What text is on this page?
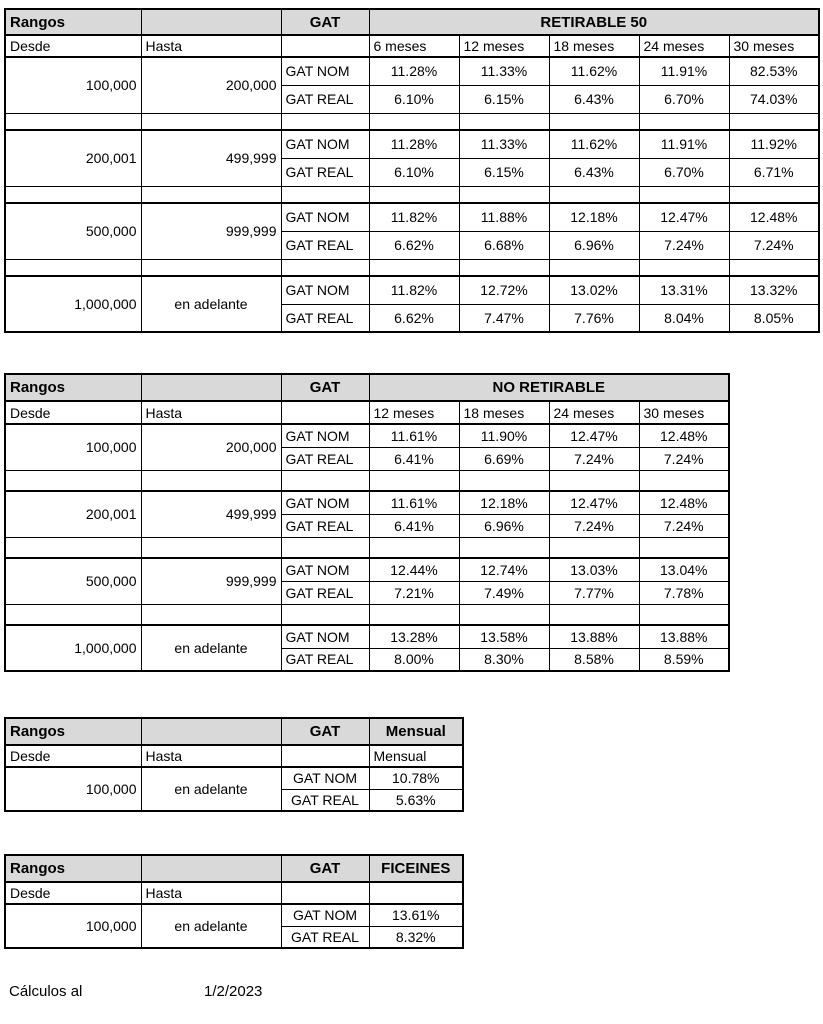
Rangos		GAT	RETIRABLE 50				
Desde	Hasta		6 meses	12 meses	18 meses	24 meses	30 meses
100,000	200,000	GAT NOM	11.28%	11.33%	11.62%	11.91%	82.53%
		GAT REAL	6.10%	6.15%	6.43%	6.70%	74.03%

200,001	499,999	GAT NOM	11.28%	11.33%	11.62%	11.91%	11.92%
		GAT REAL	6.10%	6.15%	6.43%	6.70%	6.71%

500,000	999,999	GAT NOM	11.82%	11.88%	12.18%	12.47%	12.48%
		GAT REAL	6.62%	6.68%	6.96%	7.24%	7.24%

1,000,000	en adelante	GAT NOM	11.82%	12.72%	13.02%	13.31%	13.32%
		GAT REAL	6.62%	7.47%	7.76%	8.04%	8.05%
Rangos		GAT	NO RETIRABLE			
Desde	Hasta		12 meses	18 meses	24 meses	30 meses
100,000	200,000	GAT NOM	11.61%	11.90%	12.47%	12.48%
		GAT REAL	6.41%	6.69%	7.24%	7.24%

200,001	499,999	GAT NOM	11.61%	12.18%	12.47%	12.48%
		GAT REAL	6.41%	6.96%	7.24%	7.24%

500,000	999,999	GAT NOM	12.44%	12.74%	13.03%	13.04%
		GAT REAL	7.21%	7.49%	7.77%	7.78%

1,000,000	en adelante	GAT NOM	13.28%	13.58%	13.88%	13.88%
		GAT REAL	8.00%	8.30%	8.58%	8.59%
Rangos		GAT	Mensual
Desde	Hasta		Mensual
100,000	en adelante	GAT NOM	10.78%
		GAT REAL	5.63%
Rangos		GAT	FICEINES
Desde	Hasta		
100,000	en adelante	GAT NOM	13.61%
		GAT REAL	8.32%
Cálculos al	1/2/2023
